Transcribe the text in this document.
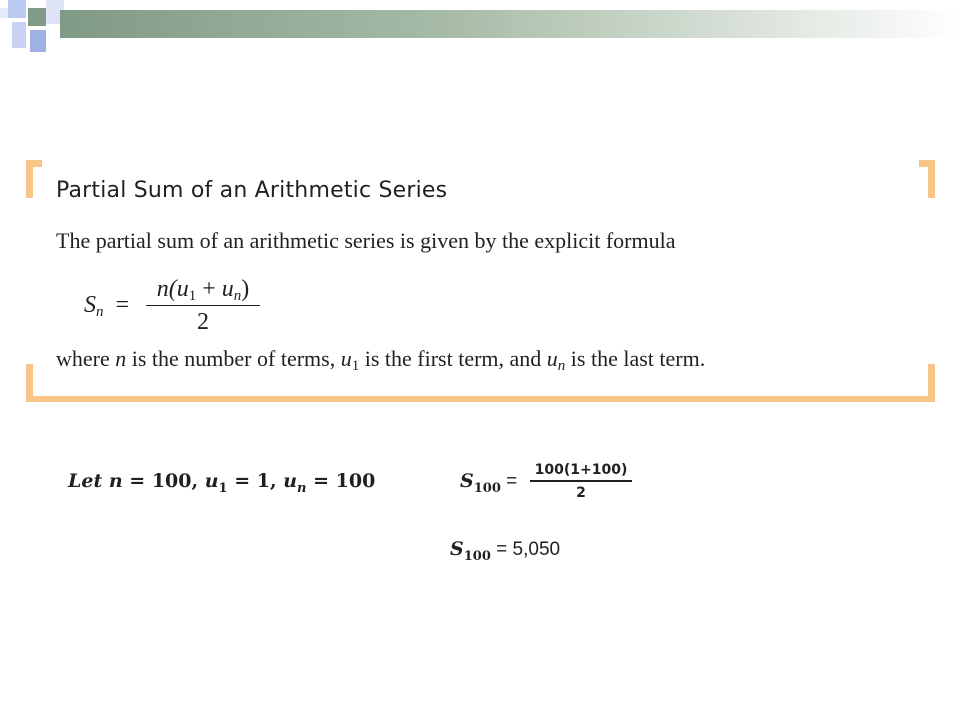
Partial Sum of an Arithmetic Series
The partial sum of an arithmetic series is given by the explicit formula
$S_n$ =
$n(u_1 + u_n)$
2
where n is the number of terms, $u_1$ is the first term, and $u_n$ is the last term.
Let n = 100, $u_1 = 1$, $u_n = 100$	$S_{100}$ =
100(1+100)
2
$S_{100} = 5,050$
